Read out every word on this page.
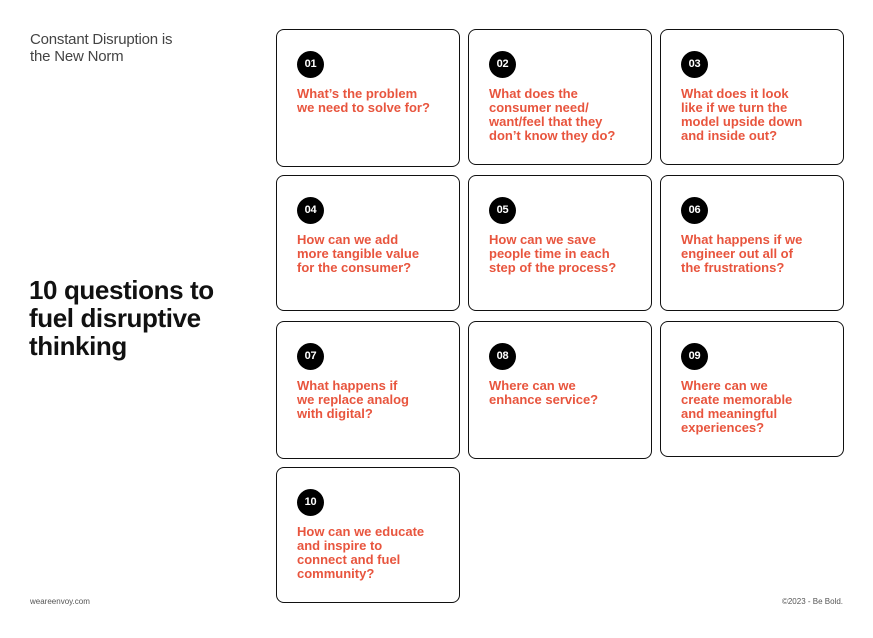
Constant Disruption is
the New Norm
10 questions to
fuel disruptive
thinking
01
What’s the problem
we need to solve for?
02
What does the
consumer need/
want/feel that they
don’t know they do?
03
What does it look
like if we turn the
model upside down
and inside out?
04
How can we add
more tangible value
for the consumer?
05
How can we save
people time in each
step of the process?
06
What happens if we
engineer out all of
the frustrations?
07
What happens if
we replace analog
with digital?
08
Where can we
enhance service?
09
Where can we
create memorable
and meaningful
experiences?
10
How can we educate
and inspire to
connect and fuel
community?
weareenvoy.com	©2023 - Be Bold.
